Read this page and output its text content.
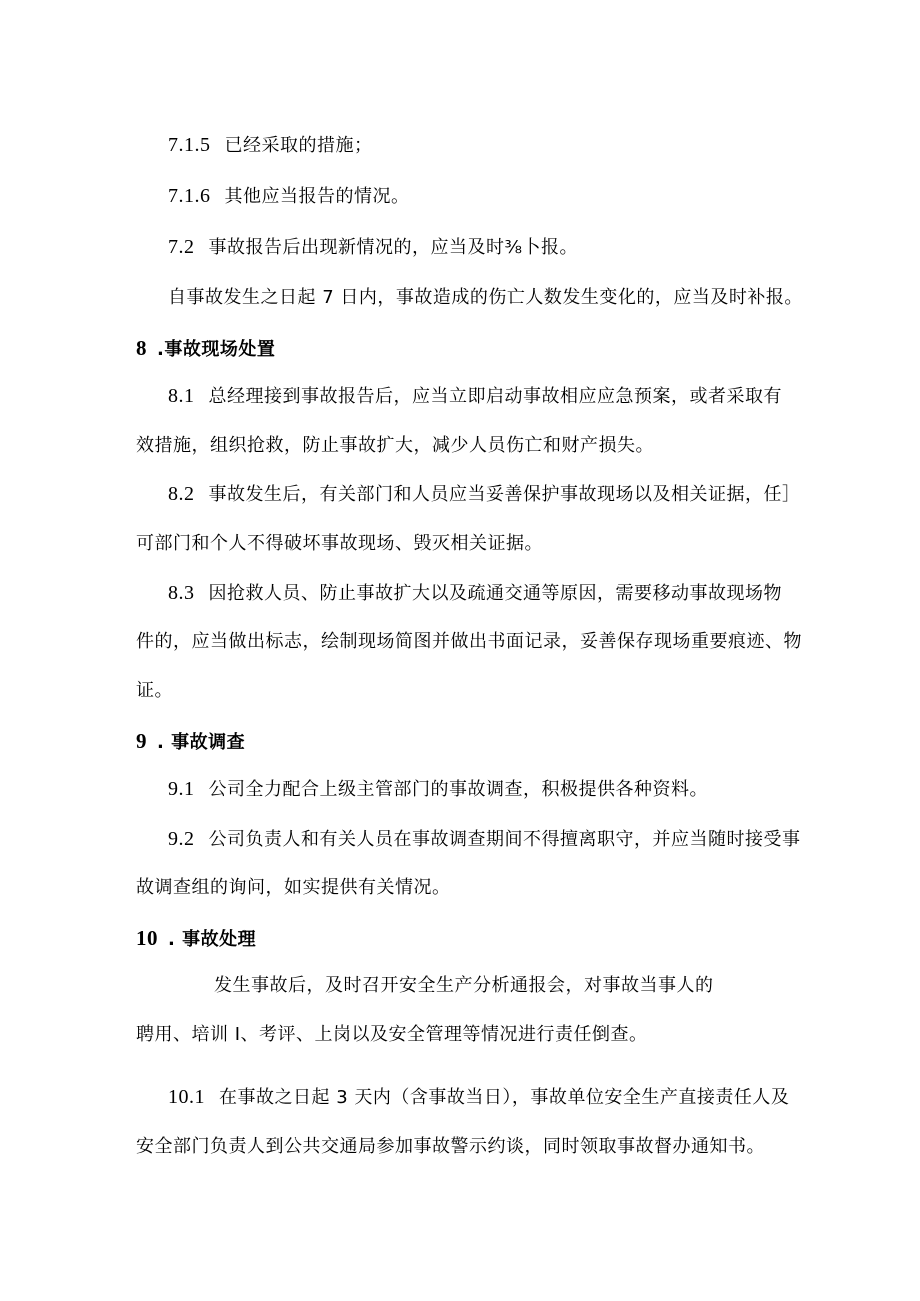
7.1.5 已经采取的措施；
7.1.6 其他应当报告的情况。
7.2 事故报告后出现新情况的，应当及时⅜卜报。
自事故发生之日起 7 日内，事故造成的伤亡人数发生变化的，应当及时补报。
8 .事故现场处置
8.1 总经理接到事故报告后，应当立即启动事故相应应急预案，或者采取有
效措施，组织抢救，防止事故扩大，减少人员伤亡和财产损失。
8.2 事故发生后，有关部门和人员应当妥善保护事故现场以及相关证据，任］
可部门和个人不得破坏事故现场、毁灭相关证据。
8.3 因抢救人员、防止事故扩大以及疏通交通等原因，需要移动事故现场物
件的，应当做出标志，绘制现场简图并做出书面记录，妥善保存现场重要痕迹、物
证。
9 . 事故调查
9.1 公司全力配合上级主管部门的事故调查，积极提供各种资料。
9.2 公司负责人和有关人员在事故调查期间不得擅离职守，并应当随时接受事
故调查组的询问，如实提供有关情况。
10 . 事故处理
发生事故后，及时召开安全生产分析通报会，对事故当事人的
聘用、培训 I、考评、上岗以及安全管理等情况进行责任倒查。
10.1 在事故之日起 3 天内（含事故当日），事故单位安全生产直接责任人及
安全部门负责人到公共交通局参加事故警示约谈，同时领取事故督办通知书。
